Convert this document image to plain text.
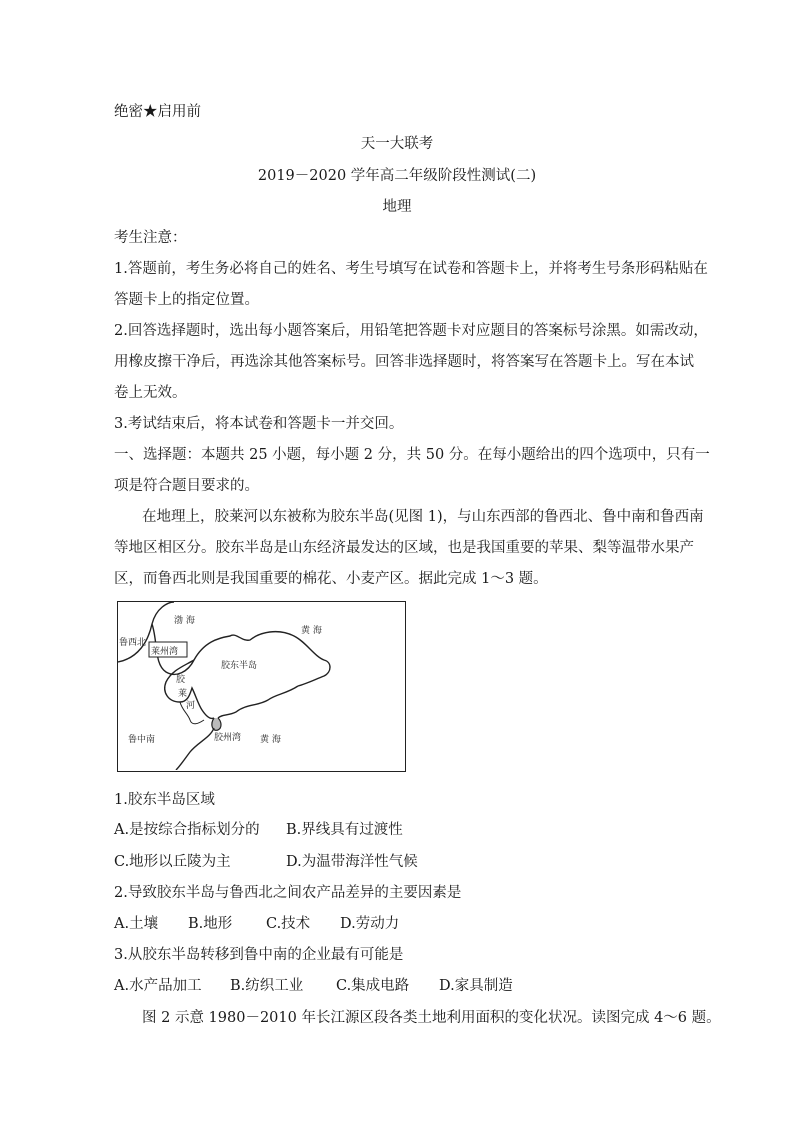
绝密★启用前
天一大联考
2019－2020 学年高二年级阶段性测试(二)
地理
考生注意：
1.答题前，考生务必将自己的姓名、考生号填写在试卷和答题卡上，并将考生号条形码粘贴在
答题卡上的指定位置。
2.回答选择题时，选出每小题答案后，用铅笔把答题卡对应题目的答案标号涂黑。如需改动，
用橡皮擦干净后，再选涂其他答案标号。回答非选择题时，将答案写在答题卡上。写在本试
卷上无效。
3.考试结束后，将本试卷和答题卡一并交回。
一、选择题：本题共 25 小题，每小题 2 分，共 50 分。在每小题给出的四个选项中，只有一
项是符合题目要求的。
在地理上，胶莱河以东被称为胶东半岛(见图 1)，与山东西部的鲁西北、鲁中南和鲁西南
等地区相区分。胶东半岛是山东经济最发达的区域，也是我国重要的苹果、梨等温带水果产
区，而鲁西北则是我国重要的棉花、小麦产区。据此完成 1～3 题。
渤 海
黄 海
鲁西北
莱州湾
胶东半岛
胶
莱
河
鲁中南	胶州湾 黄 海
1.胶东半岛区域
A.是按综合指标划分的 B.界线具有过渡性
C.地形以丘陵为主	D.为温带海洋性气候
2.导致胶东半岛与鲁西北之间农产品差异的主要因素是
A.土壤 B.地形 C.技术 D.劳动力
3.从胶东半岛转移到鲁中南的企业最有可能是
A.水产品加工 B.纺织工业 C.集成电路 D.家具制造
图 2 示意 1980－2010 年长江源区段各类土地利用面积的变化状况。读图完成 4～6 题。
